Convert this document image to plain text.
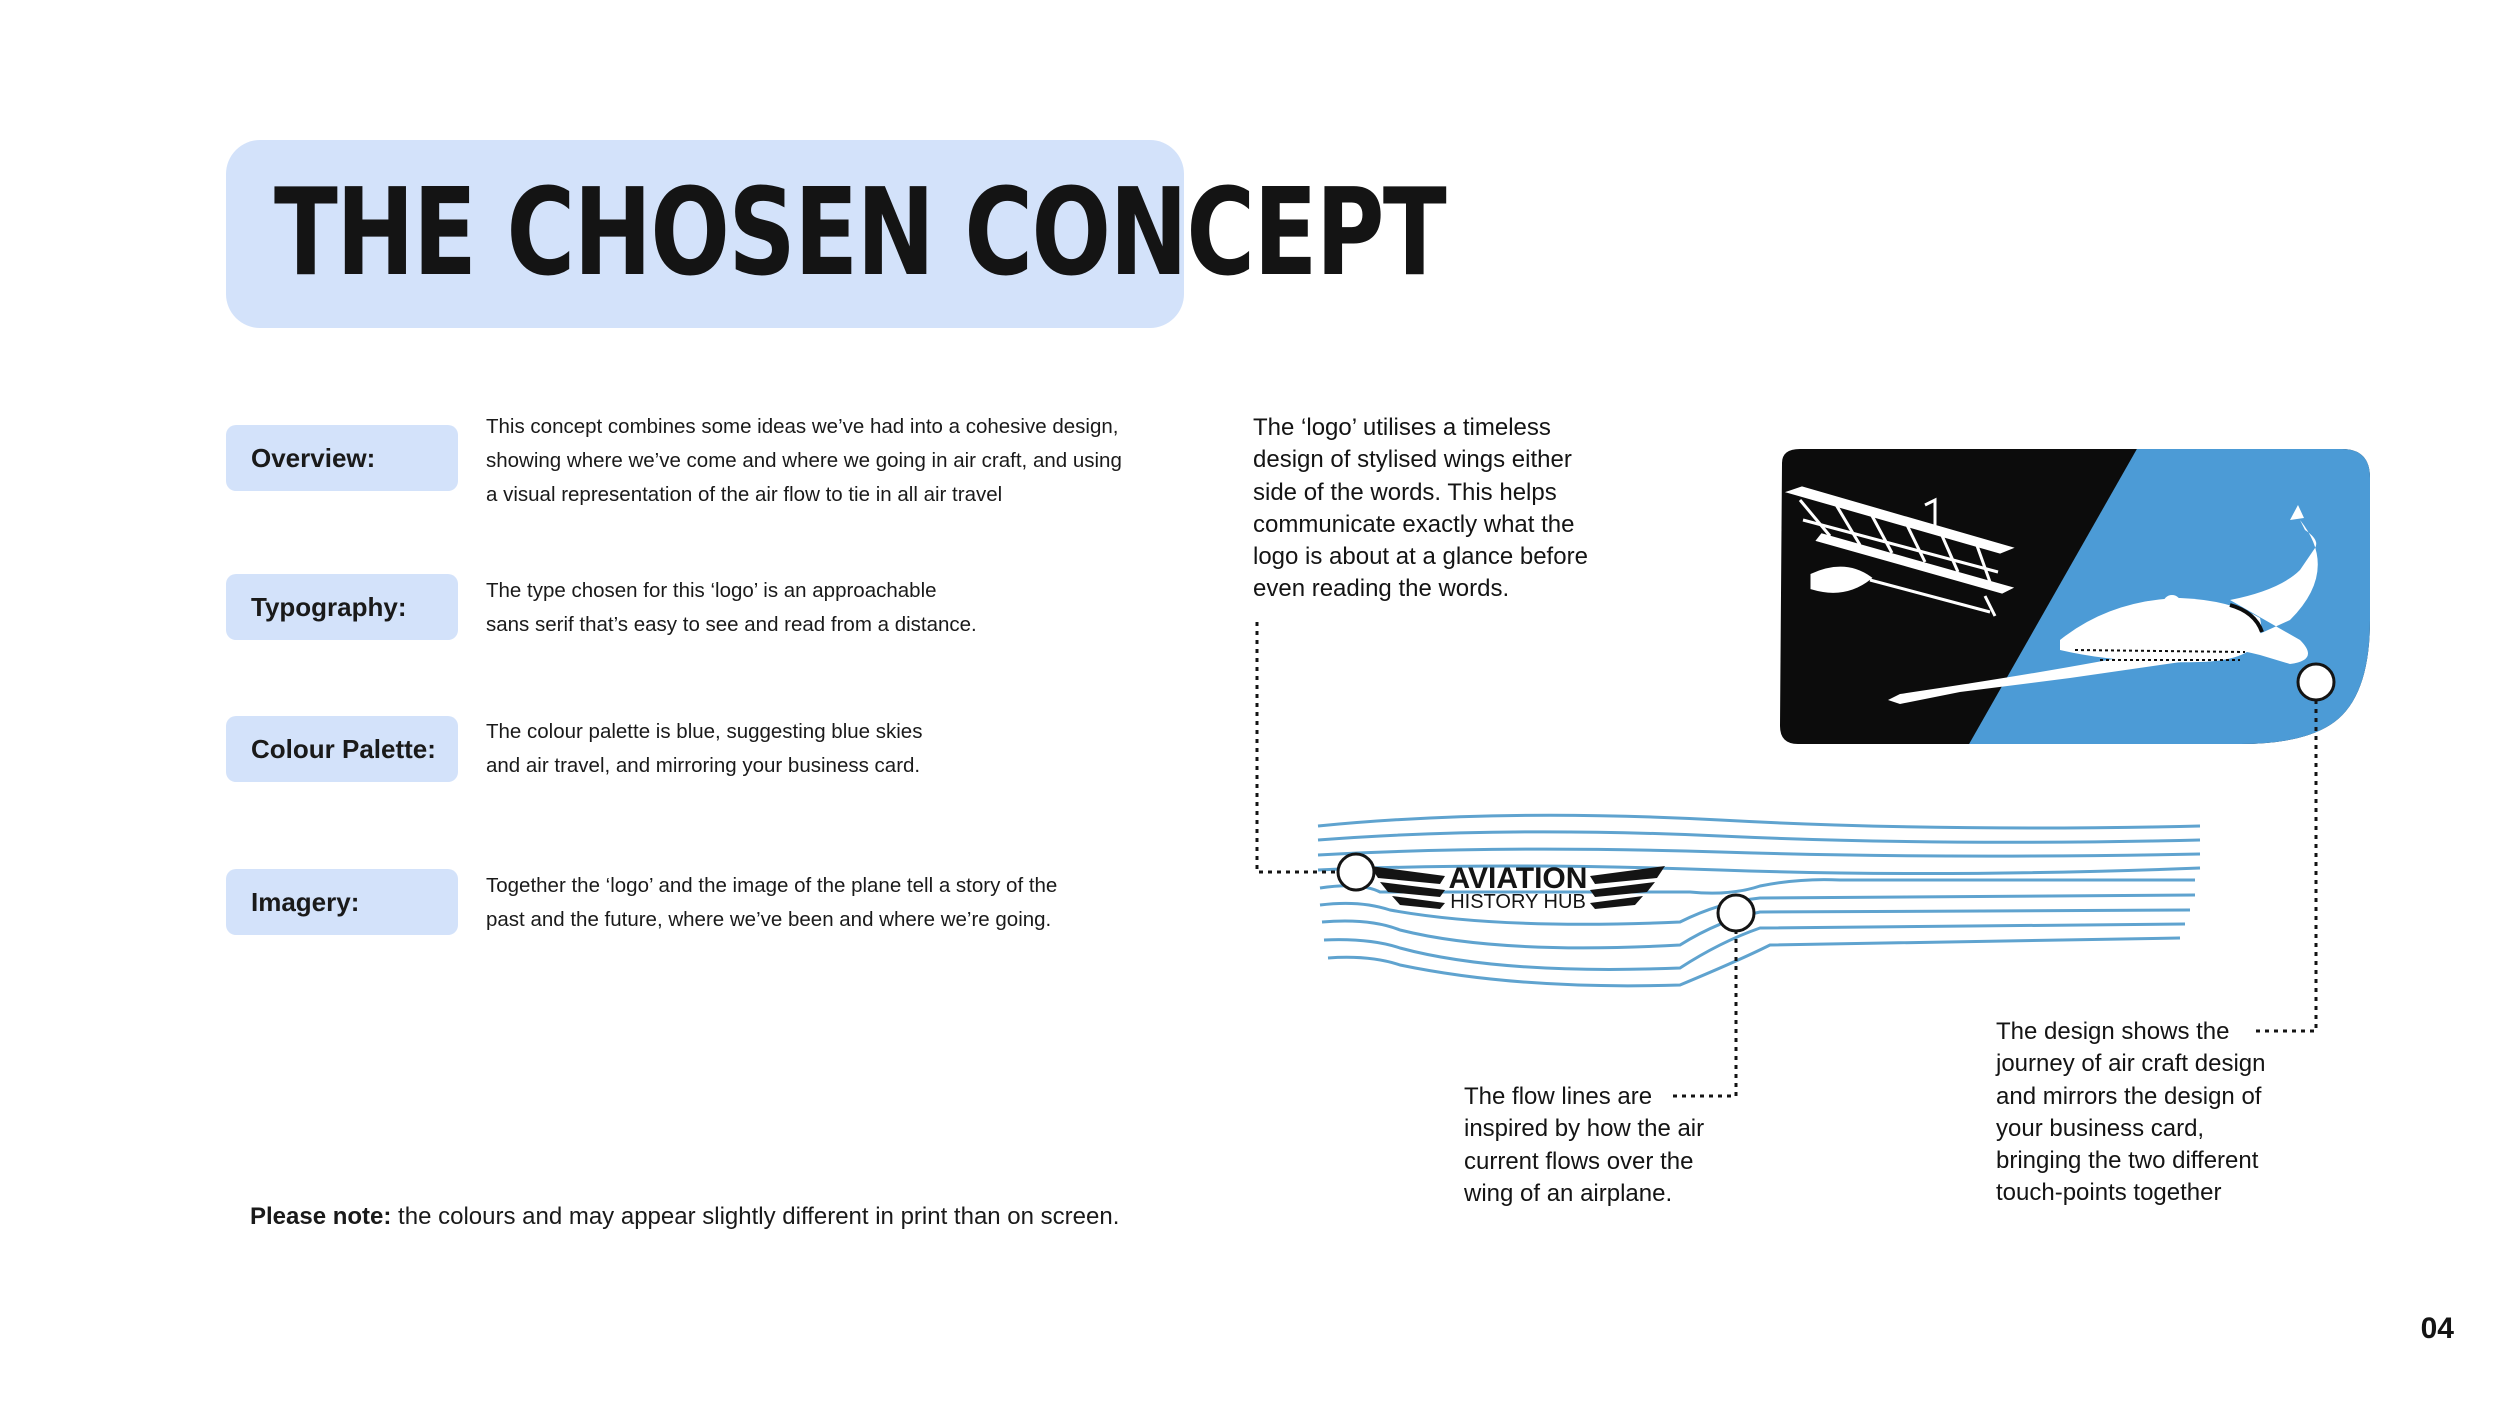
THE CHOSEN CONCEPT
Overview:
Typography:
Colour Palette:
Imagery:
This concept combines some ideas we’ve had into a cohesive design,
showing where we’ve come and where we going in air craft, and using
a visual representation of the air flow to tie in all air travel
The type chosen for this ‘logo’ is an approachable
sans serif that’s easy to see and read from a distance.
The colour palette is blue, suggesting blue skies
and air travel, and mirroring your business card.
Together the ‘logo’ and the image of the plane tell a story of the
past and the future, where we’ve been and where we’re going.
Please note: the colours and may appear slightly different in print than on screen.
AVIATION
HISTORY HUB
The ‘logo’ utilises a timeless
design of stylised wings either
side of the words. This helps
communicate exactly what the
logo is about at a glance before
even reading the words.
The flow lines are
inspired by how the air
current flows over the
wing of an airplane.
The design shows the
journey of air craft design
and mirrors the design of
your business card,
bringing the two different
touch-points together
04
